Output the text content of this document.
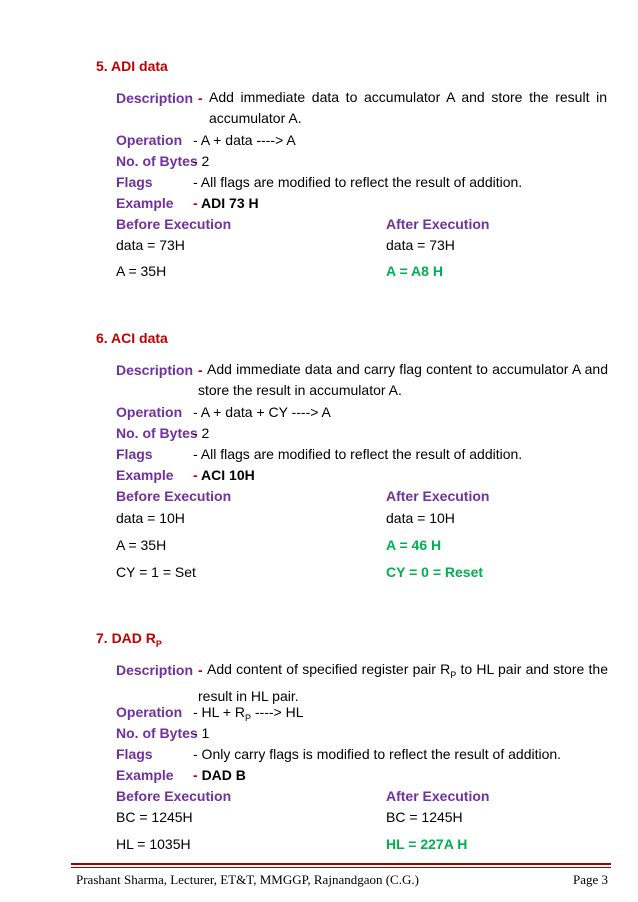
5. ADI data
Description - Add immediate data to accumulator A and store the result in accumulator A.
Operation - A + data ----> A
No. of Bytes
- 2
Flags	- All flags are modified to reflect the result of addition.
Example - ADI 73 H
Before Execution	After Execution
data = 73H	data = 73H
A = 35H	A = A8 H
6. ACI data
Description - Add immediate data and carry flag content to accumulator A and store the result in accumulator A.
Operation - A + data + CY ----> A
No. of Bytes
- 2
Flags	- All flags are modified to reflect the result of addition.
Example - ACI 10H
Before Execution	After Execution
data = 10H	data = 10H
A = 35H	A = 46 H
CY = 1 = Set	CY = 0 = Reset
7. DAD $R_P$
Description - Add content of specified register pair $R_P$ to HL pair and store the result in HL pair.
Operation - HL + $R_P$ ----> HL
No. of Bytes
- 1
Flags	- Only carry flags is modified to reflect the result of addition.
Example - DAD B
Before Execution	After Execution
BC = 1245H	BC = 1245H
HL = 1035H	HL = 227A H
Prashant Sharma, Lecturer, ET&T, MMGGP, Rajnandgaon (C.G.)	Page 3
